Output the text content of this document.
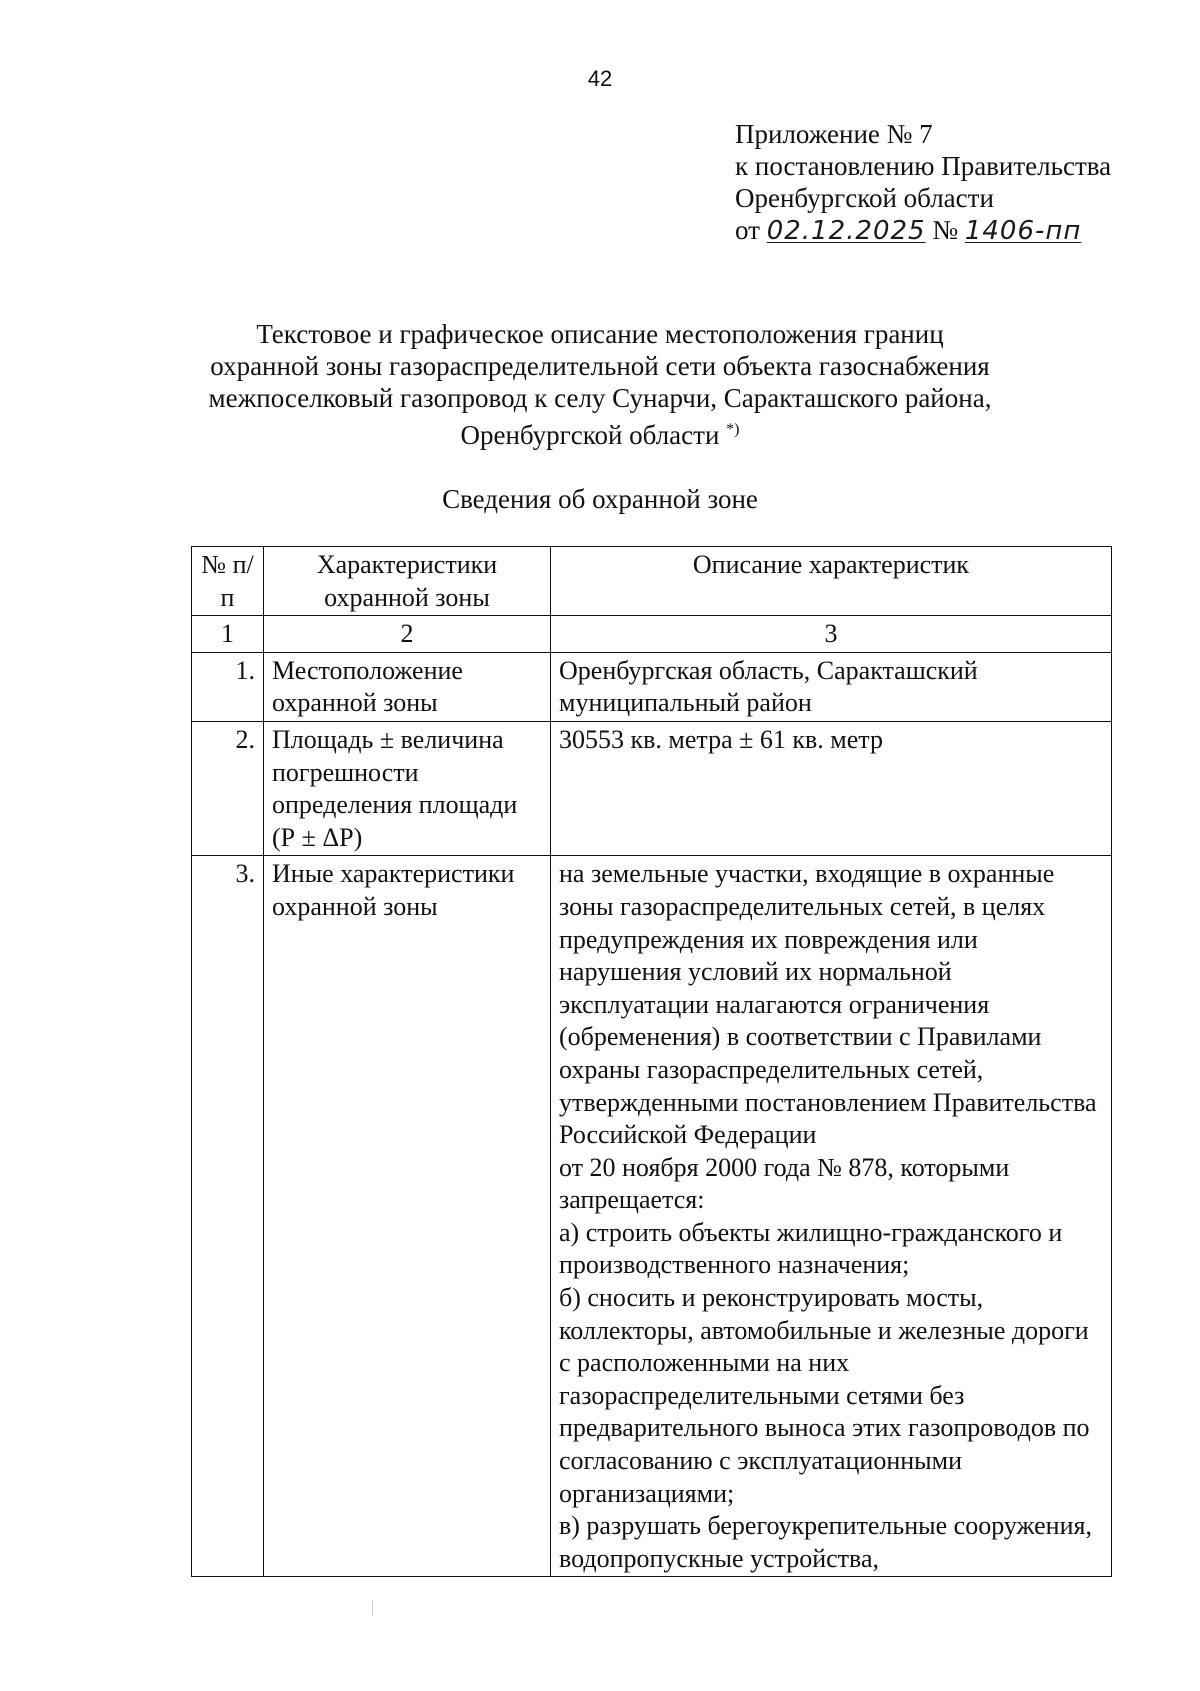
42
Приложение № 7
к постановлению Правительства
Оренбургской области
от 02.12.2025 № 1406-пп
Текстовое и графическое описание местоположения границ
охранной зоны газораспределительной сети объекта газоснабжения
межпоселковый газопровод к селу Сунарчи, Саракташского района,
Оренбургской области *)
Сведения об охранной зоне
№ п/п	Характеристики охранной зоны	Описание характеристик
1	2	3
1.	Местоположение охранной зоны	Оренбургская область, Саракташский муниципальный район

2.	Площадь ± величина погрешности определения площади (Р ± ΔР)	30553 кв. метра ± 61 кв. метр

3.	Иные характеристики охранной зоны	на земельные участки, входящие в охранные зоны газораспределительных сетей, в целях предупреждения их повреждения или нарушения условий их нормальной эксплуатации налагаются ограничения (обременения) в соответствии с Правилами охраны газораспределительных сетей, утвержденными постановлением Правительства Российской Федерации
от 20 ноября 2000 года № 878, которыми запрещается:
а) строить объекты жилищно-гражданского и производственного назначения;
б) сносить и реконструировать мосты, коллекторы, автомобильные и железные дороги с расположенными на них газораспределительными сетями без предварительного выноса этих газопроводов по согласованию с эксплуатационными организациями;
в) разрушать берегоукрепительные сооружения, водопропускные устройства,
